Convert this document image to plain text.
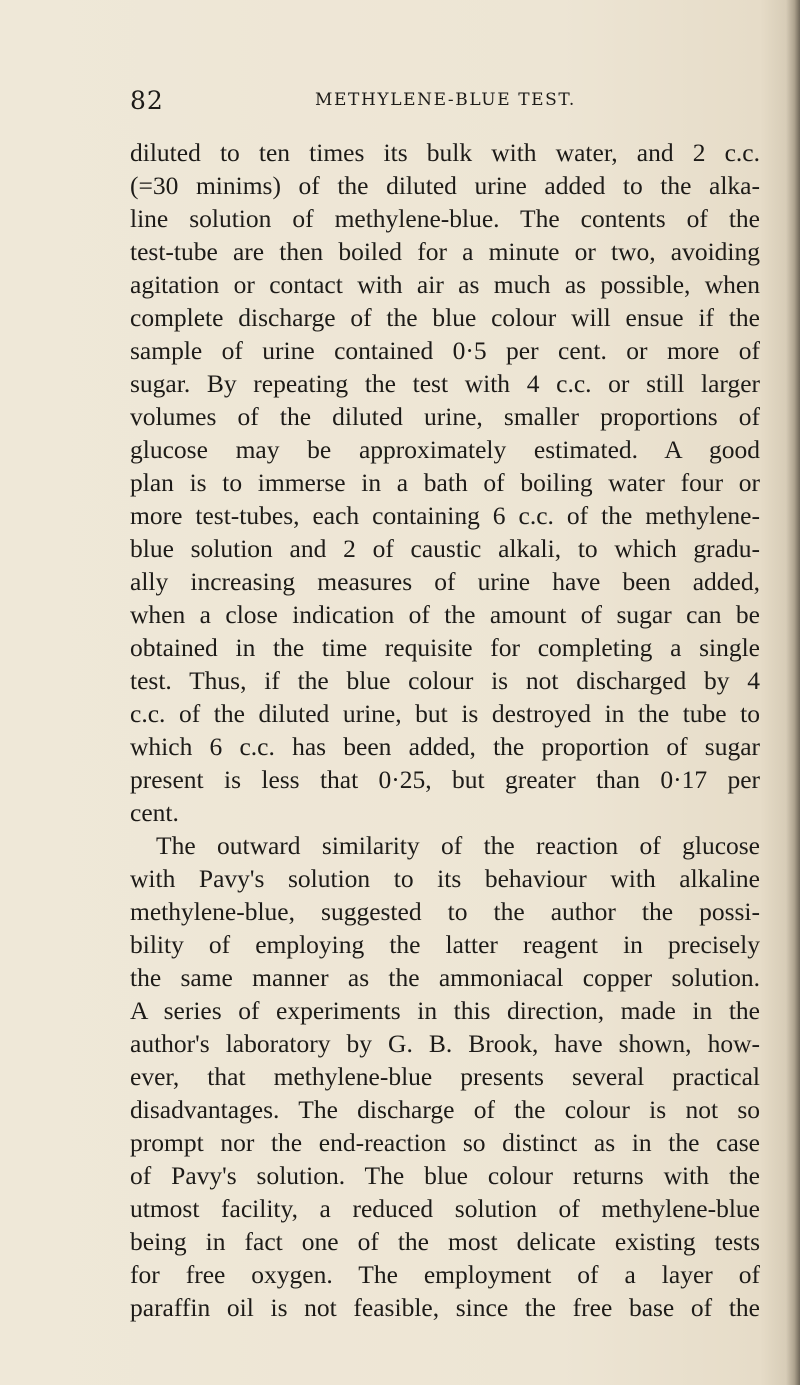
82	METHYLENE-BLUE TEST.
diluted to ten times its bulk with water, and 2 c.c.
(=30 minims) of the diluted urine added to the alka-
line solution of methylene-blue. The contents of the
test-tube are then boiled for a minute or two, avoiding
agitation or contact with air as much as possible, when
complete discharge of the blue colour will ensue if the
sample of urine contained 0·5 per cent. or more of
sugar. By repeating the test with 4 c.c. or still larger
volumes of the diluted urine, smaller proportions of
glucose may be approximately estimated. A good
plan is to immerse in a bath of boiling water four or
more test-tubes, each containing 6 c.c. of the methylene-
blue solution and 2 of caustic alkali, to which gradu-
ally increasing measures of urine have been added,
when a close indication of the amount of sugar can be
obtained in the time requisite for completing a single
test. Thus, if the blue colour is not discharged by 4
c.c. of the diluted urine, but is destroyed in the tube to
which 6 c.c. has been added, the proportion of sugar
present is less that 0·25, but greater than 0·17 per
cent.
The outward similarity of the reaction of glucose
with Pavy's solution to its behaviour with alkaline
methylene-blue, suggested to the author the possi-
bility of employing the latter reagent in precisely
the same manner as the ammoniacal copper solution.
A series of experiments in this direction, made in the
author's laboratory by G. B. Brook, have shown, how-
ever, that methylene-blue presents several practical
disadvantages. The discharge of the colour is not so
prompt nor the end-reaction so distinct as in the case
of Pavy's solution. The blue colour returns with the
utmost facility, a reduced solution of methylene-blue
being in fact one of the most delicate existing tests
for free oxygen. The employment of a layer of
paraffin oil is not feasible, since the free base of the
